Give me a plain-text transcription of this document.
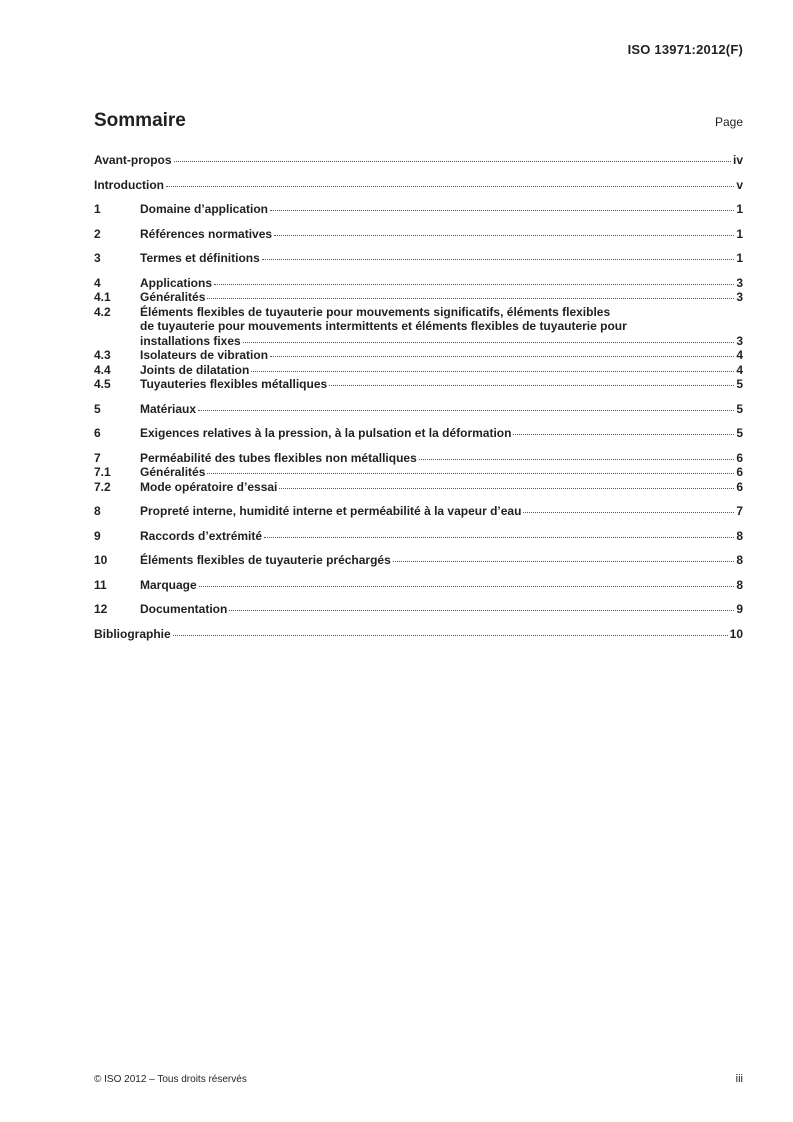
ISO 13971:2012(F)
Sommaire	Page
Avant-propos	iv
Introduction	v
1	Domaine d’application	1
2	Références normatives	1
3	Termes et définitions	1
4	Applications	3
4.1	Généralités	3
4.2	Éléments flexibles de tuyauterie pour mouvements significatifs, éléments flexibles
de tuyauterie pour mouvements intermittents et éléments flexibles de tuyauterie pour
installations fixes	3
4.3	Isolateurs de vibration	4
4.4	Joints de dilatation	4
4.5	Tuyauteries flexibles métalliques	5
5	Matériaux	5
6	Exigences relatives à la pression, à la pulsation et la déformation	5
7	Perméabilité des tubes flexibles non métalliques	6
7.1	Généralités	6
7.2	Mode opératoire d’essai	6
8	Propreté interne, humidité interne et perméabilité à la vapeur d’eau	7
9	Raccords d’extrémité	8
10	Éléments flexibles de tuyauterie préchargés	8
11	Marquage	8
12	Documentation	9
Bibliographie	10
© ISO 2012 – Tous droits réservés	iii
